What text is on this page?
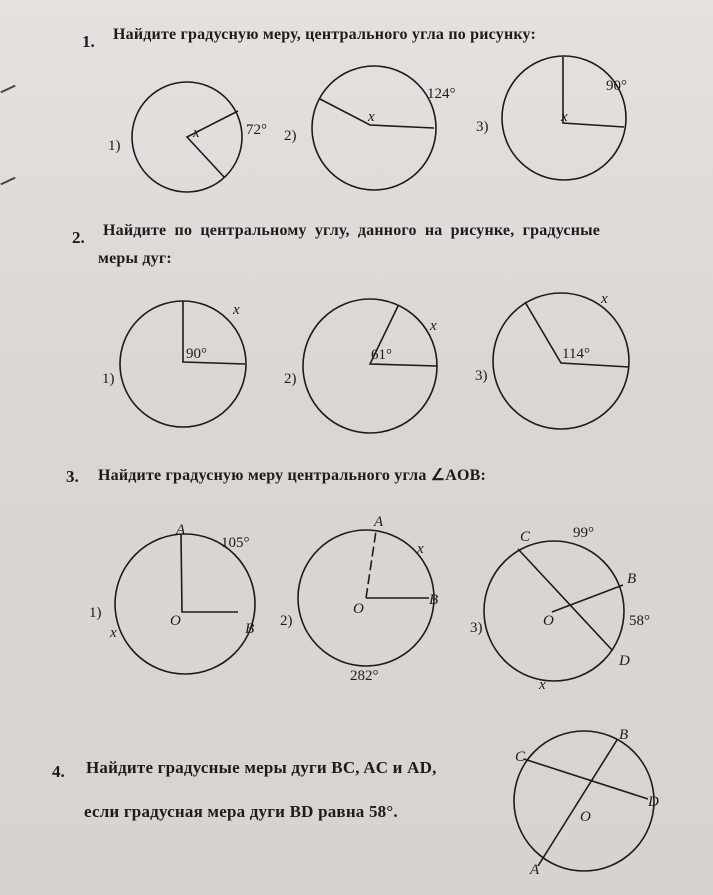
1. Найдите градусную меру, центрального угла по рисунку:
2. Найдите по центральному углу, данного на рисунке, градусные
меры дуг:
3. Найдите градусную меру центрального угла ∠AOB:
4. Найдите градусные меры дуги BC, AC и AD,
если градусная мера дуги BD равна 58°.
1)
72°
x	2)
124°
x
3)
90°
x
1)
90°
x
2)
61°
x
3)
114°
x
1)
A
105°
O	B
x
2)
A
x
O
B
282°
3)
C	99°
B
O	58°
D
x
B
C
D
O
A
